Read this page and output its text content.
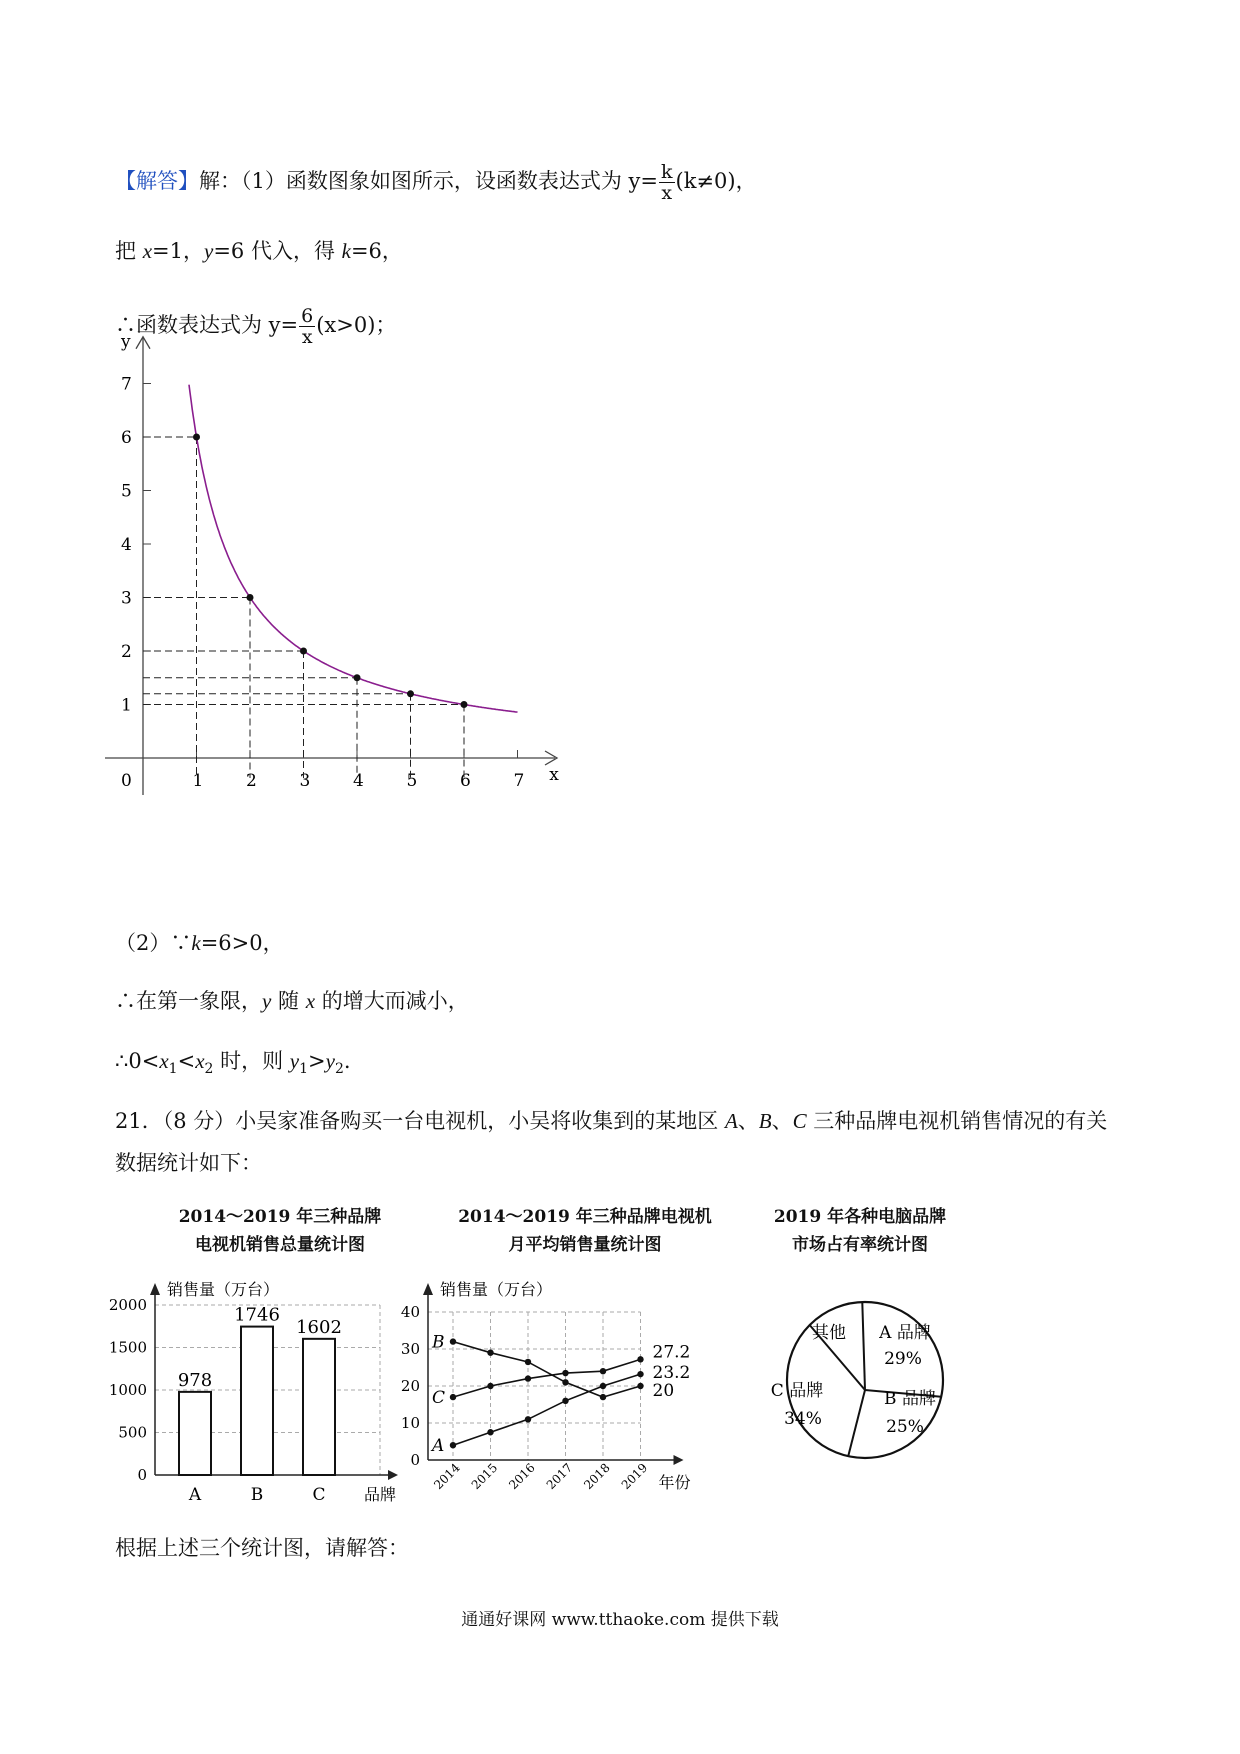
【解答】解：（1）函数图象如图所示，设函数表达式为 $y= \frac{k}{x} (k\ne 0)$，
把 x=1，y=6 代入，得 k=6，
∴函数表达式为 $y= \frac{6}{x} (x>0)$；
x
y
0	1	2	3	4	5	6	7
1
2
3
4
5
6
7
（2）∵k=6>0，
∴在第一象限，y 随 x 的增大而减小，
$\therefore 0<x_1<x_2$ 时，则 $y_1>y_2$.
21．（8 分）小吴家准备购买一台电视机，小吴将收集到的某地区 A、B、C 三种品牌电视机销售情况的有关
数据统计如下：
2014～2019 年三种品牌
电视机销售总量统计图
2014～2019 年三种品牌电视机
月平均销售量统计图
2019 年各种电脑品牌
市场占有率统计图
0
500
1000
1500
2000
销售量（万台）
品牌
978
A
1746
B
1602
C
0
10
20
30
40
2014 2015 2016 2017 2018 2019
销售量（万台）
年份
A
B
C
27.2
23.2
20
A 品牌
29%
B 品牌
25%
C 品牌
34%
其他
根据上述三个统计图，请解答：
通通好课网 www.tthaoke.com 提供下载
